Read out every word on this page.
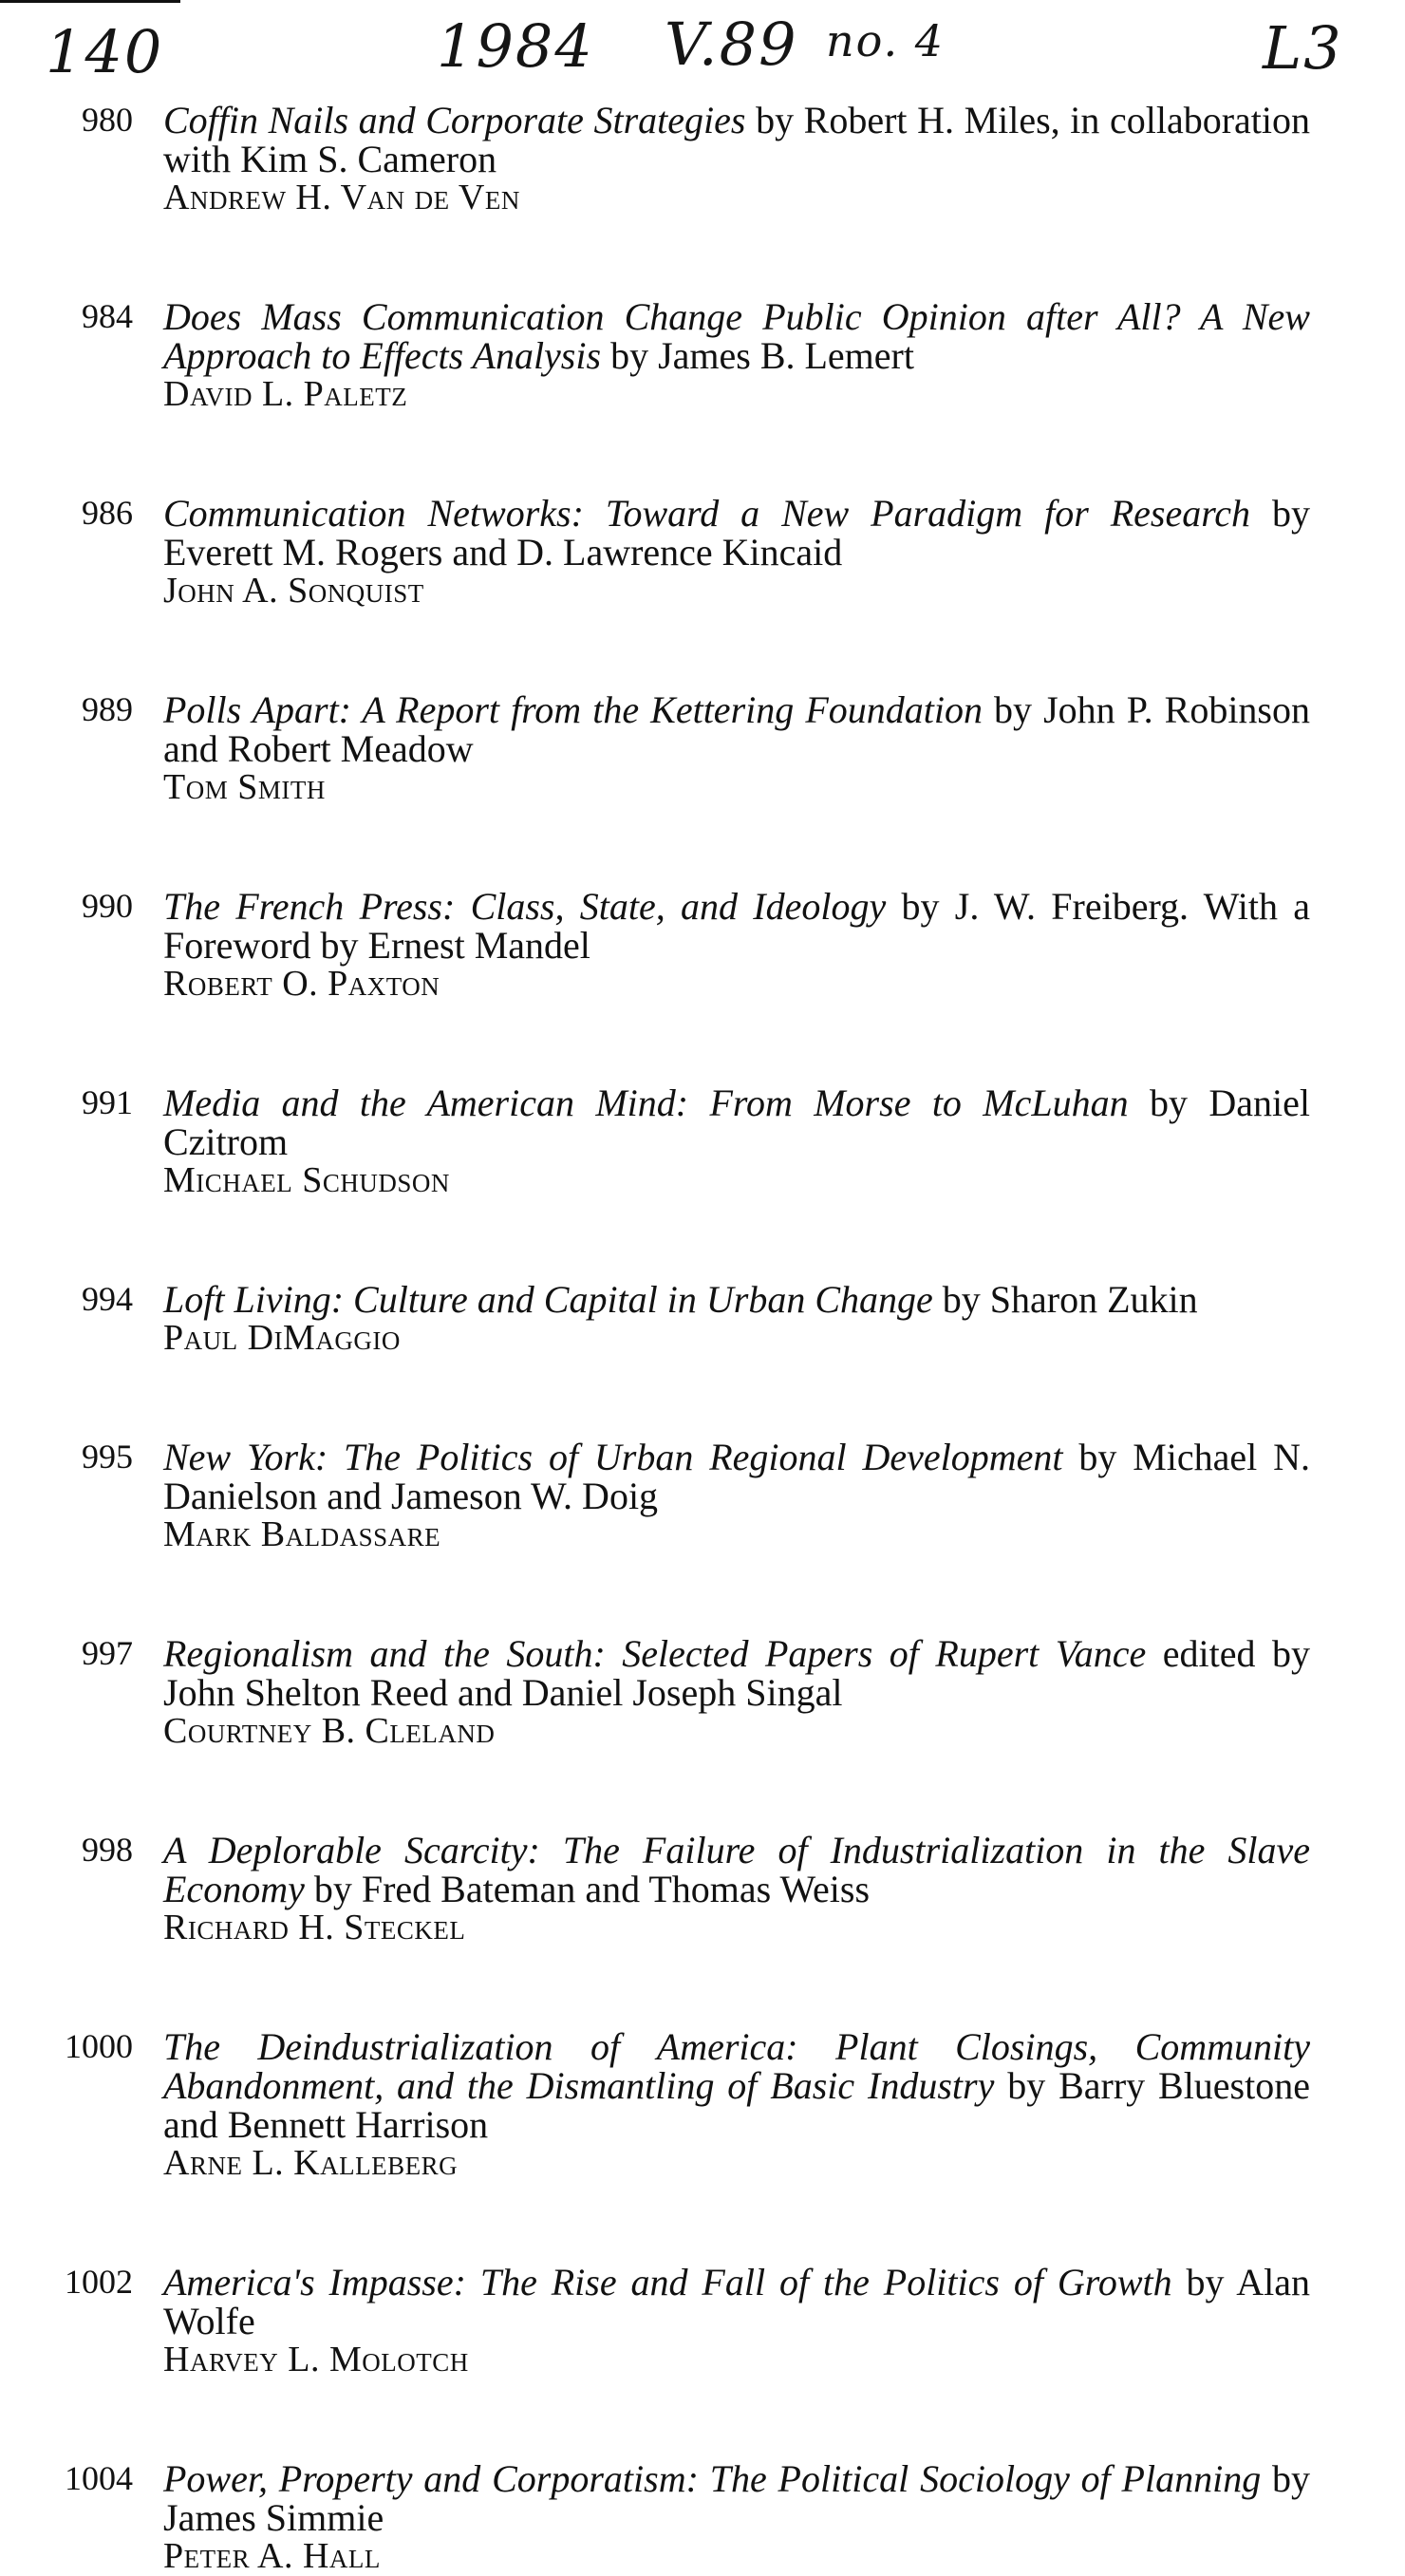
140	1984 V.89 no. 4	L3
980 Coffin Nails and Corporate Strategies by Robert H. Miles, in collaboration with Kim S. Cameron
Andrew H. Van de Ven
984 Does Mass Communication Change Public Opinion after All? A New Approach to Effects Analysis by James B. Lemert
David L. Paletz
986 Communication Networks: Toward a New Paradigm for Research by Everett M. Rogers and D. Lawrence Kincaid
John A. Sonquist
989 Polls Apart: A Report from the Kettering Foundation by John P. Robinson and Robert Meadow
Tom Smith
990 The French Press: Class, State, and Ideology by J. W. Freiberg. With a Foreword by Ernest Mandel
Robert O. Paxton
991 Media and the American Mind: From Morse to McLuhan by Daniel Czitrom
Michael Schudson
994 Loft Living: Culture and Capital in Urban Change by Sharon Zukin
Paul DiMaggio
995 New York: The Politics of Urban Regional Development by Michael N. Danielson and Jameson W. Doig
Mark Baldassare
997 Regionalism and the South: Selected Papers of Rupert Vance edited by John Shelton Reed and Daniel Joseph Singal
Courtney B. Cleland
998 A Deplorable Scarcity: The Failure of Industrialization in the Slave Economy by Fred Bateman and Thomas Weiss
Richard H. Steckel
1000 The Deindustrialization of America: Plant Closings, Community Abandonment, and the Dismantling of Basic Industry by Barry Bluestone and Bennett Harrison
Arne L. Kalleberg
1002 America's Impasse: The Rise and Fall of the Politics of Growth by Alan Wolfe
Harvey L. Molotch
1004 Power, Property and Corporatism: The Political Sociology of Planning by James Simmie
Peter A. Hall
